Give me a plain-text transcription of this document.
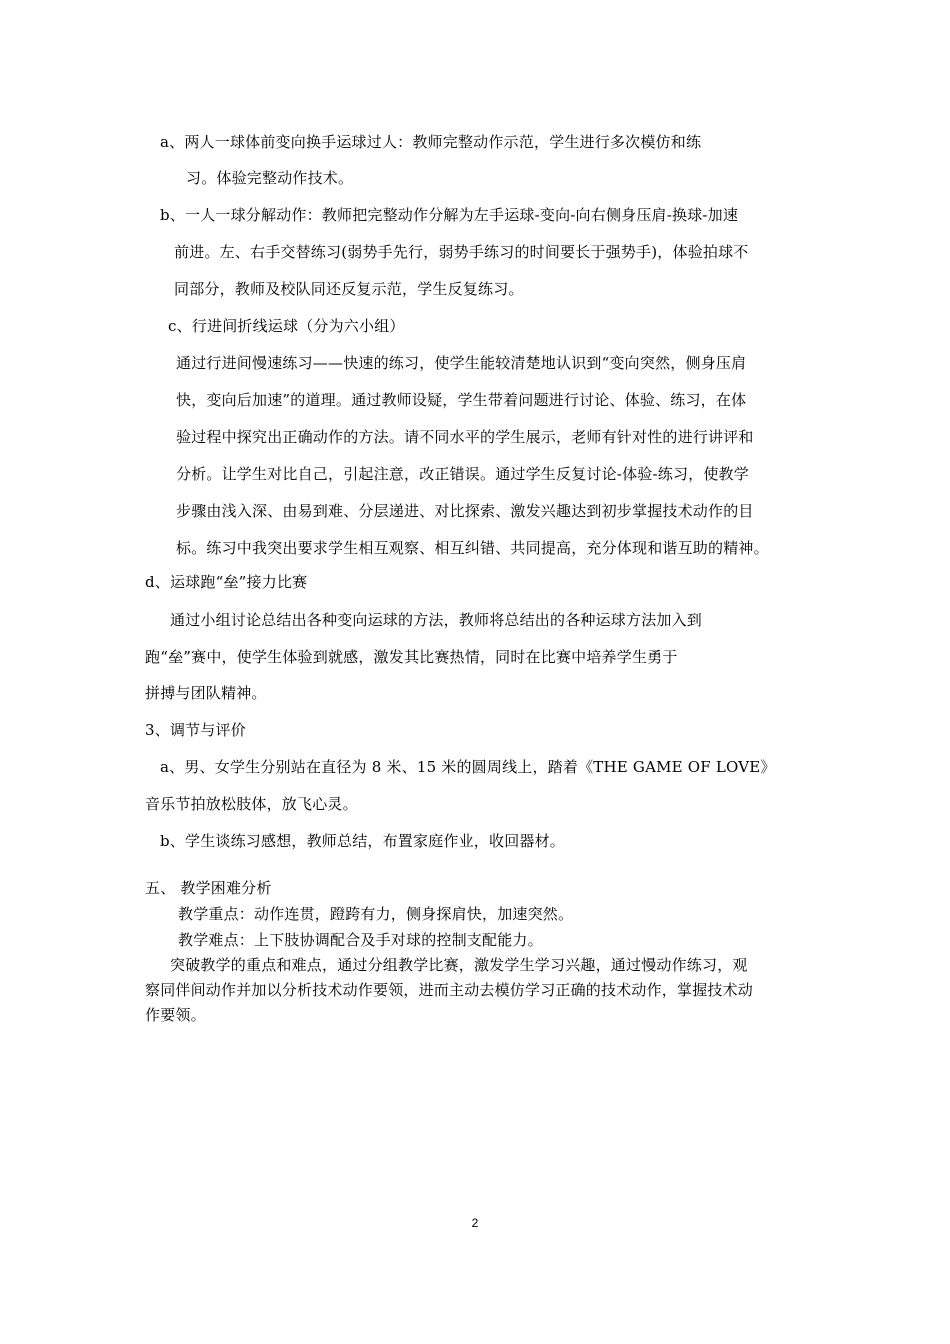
a、两人一球体前变向换手运球过人：教师完整动作示范，学生进行多次模仿和练
习。体验完整动作技术。
b、一人一球分解动作：教师把完整动作分解为左手运球-变向-向右侧身压肩-换球-加速
前进。左、右手交替练习(弱势手先行，弱势手练习的时间要长于强势手)，体验拍球不
同部分，教师及校队同还反复示范，学生反复练习。
c、行进间折线运球（分为六小组）
通过行进间慢速练习——快速的练习，使学生能较清楚地认识到“变向突然，侧身压肩
快，变向后加速”的道理。通过教师设疑，学生带着问题进行讨论、体验、练习，在体
验过程中探究出正确动作的方法。请不同水平的学生展示，老师有针对性的进行讲评和
分析。让学生对比自己，引起注意，改正错误。通过学生反复讨论-体验-练习，使教学
步骤由浅入深、由易到难、分层递进、对比探索、激发兴趣达到初步掌握技术动作的目
标。练习中我突出要求学生相互观察、相互纠错、共同提高，充分体现和谐互助的精神。
d、运球跑“垒”接力比赛
通过小组讨论总结出各种变向运球的方法，教师将总结出的各种运球方法加入到
跑“垒”赛中，使学生体验到就感，激发其比赛热情，同时在比赛中培养学生勇于
拼搏与团队精神。
3、调节与评价
a、男、女学生分别站在直径为 8 米、15 米的圆周线上，踏着《THE GAME OF LOVE》
音乐节拍放松肢体，放飞心灵。
b、学生谈练习感想，教师总结，布置家庭作业，收回器材。
五、 教学困难分析
教学重点：动作连贯，蹬跨有力，侧身探肩快，加速突然。
教学难点：上下肢协调配合及手对球的控制支配能力。
突破教学的重点和难点，通过分组教学比赛，激发学生学习兴趣，通过慢动作练习，观
察同伴间动作并加以分析技术动作要领，进而主动去模仿学习正确的技术动作，掌握技术动
作要领。
2
